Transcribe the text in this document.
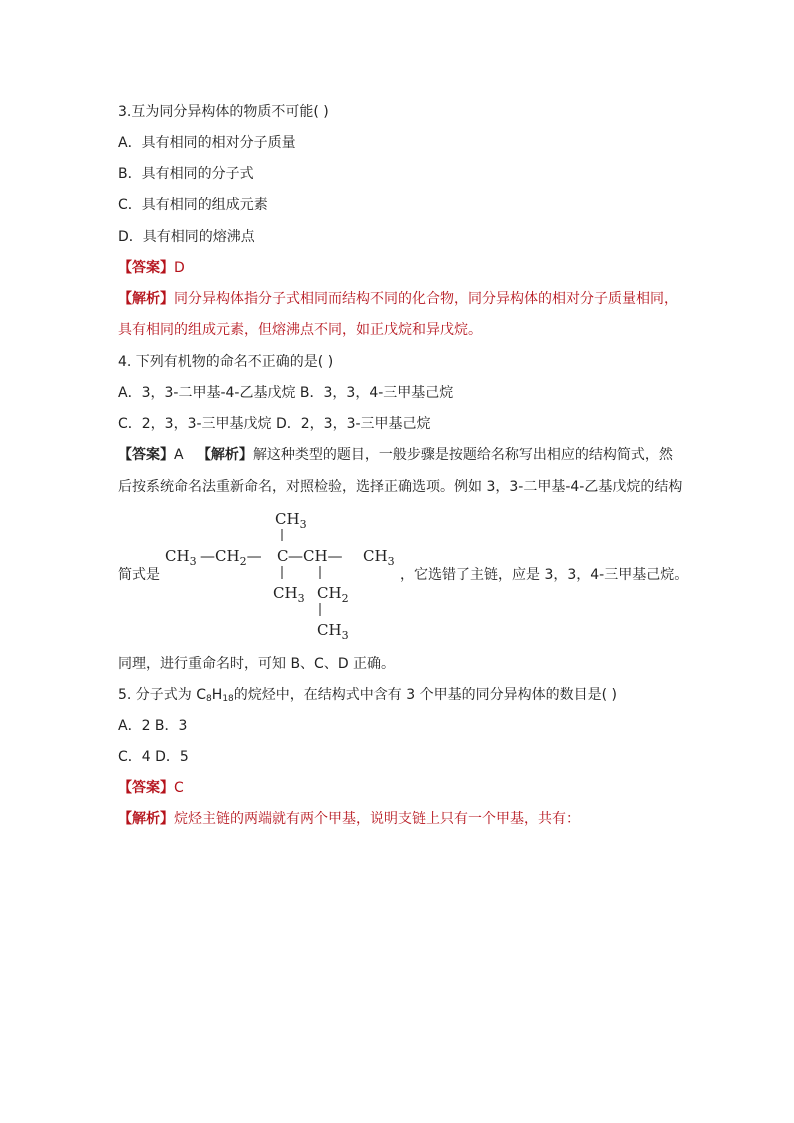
3.互为同分异构体的物质不可能( )
A．具有相同的相对分子质量
B．具有相同的分子式
C．具有相同的组成元素
D．具有相同的熔沸点
【答案】D
【解析】同分异构体指分子式相同而结构不同的化合物，同分异构体的相对分子质量相同，
具有相同的组成元素，但熔沸点不同，如正戊烷和异戊烷。
4. 下列有机物的命名不正确的是( )
A．3，3-二甲基-4-乙基戊烷 B．3，3，4-三甲基己烷
C．2，3，3-三甲基戊烷 D．2，3，3-三甲基己烷
【答案】A 【解析】解这种类型的题目，一般步骤是按题给名称写出相应的结构简式，然
后按系统命名法重新命名，对照检验，选择正确选项。例如 3，3-二甲基-4-乙基戊烷的结构
简式是
$CH_3$
$CH_3$ $—CH_2—$ C —CH— $CH_3$
$CH_3$ $CH_2$
$CH_3$
，它选错了主链，应是 3，3，4-三甲基己烷。
同理，进行重命名时，可知 B、C、D 正确。
5. 分子式为 $C_8H_{18}$的烷烃中，在结构式中含有 3 个甲基的同分异构体的数目是( )
A．2 B．3
C．4 D．5
【答案】C
【解析】烷烃主链的两端就有两个甲基，说明支链上只有一个甲基，共有：
